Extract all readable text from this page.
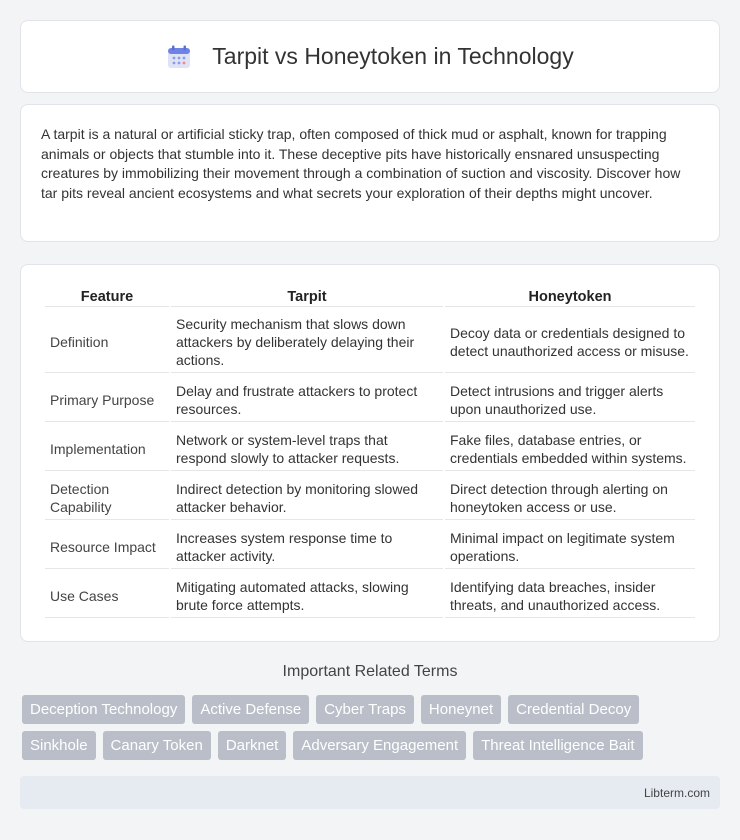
Tarpit vs Honeytoken in Technology

A tarpit is a natural or artificial sticky trap, often composed of thick mud or asphalt, known for trapping animals or objects that stumble into it. These deceptive pits have historically ensnared unsuspecting creatures by immobilizing their movement through a combination of suction and viscosity. Discover how tar pits reveal ancient ecosystems and what secrets your exploration of their depths might uncover.

Feature	Tarpit	Honeytoken
Definition	Security mechanism that slows down attackers by deliberately delaying their actions.	Decoy data or credentials designed to detect unauthorized access or misuse.
Primary Purpose	Delay and frustrate attackers to protect resources.	Detect intrusions and trigger alerts upon unauthorized use.
Implementation	Network or system-level traps that respond slowly to attacker requests.	Fake files, database entries, or credentials embedded within systems.
Detection Capability	Indirect detection by monitoring slowed attacker behavior.	Direct detection through alerting on honeytoken access or use.
Resource Impact	Increases system response time to attacker activity.	Minimal impact on legitimate system operations.
Use Cases	Mitigating automated attacks, slowing brute force attempts.	Identifying data breaches, insider threats, and unauthorized access.
Important Related Terms
Deception Technology	Active Defense	Cyber Traps	Honeynet	Credential Decoy
Sinkhole	Canary Token	Darknet	Adversary Engagement	Threat Intelligence Bait
Libterm.com
